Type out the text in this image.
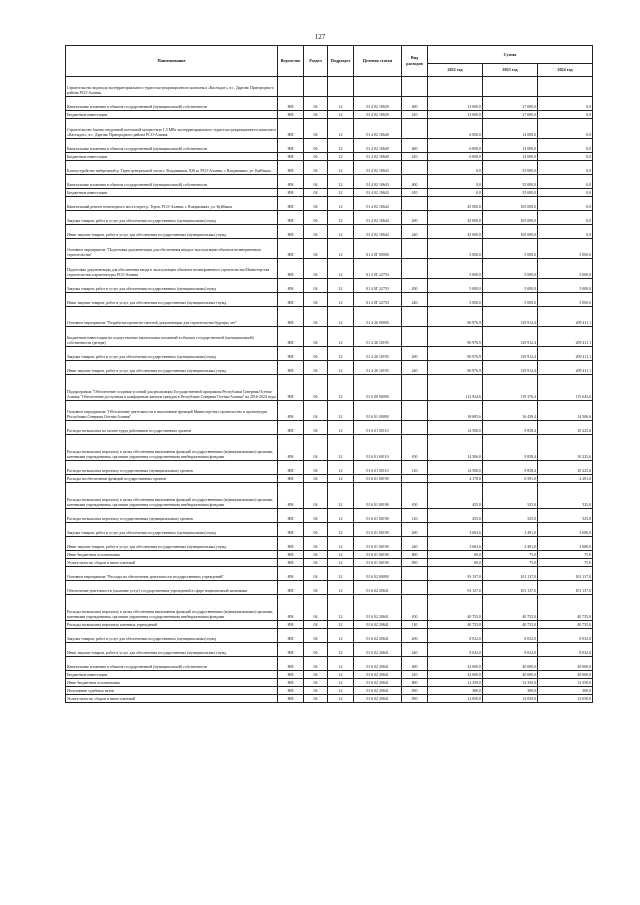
127
Наименование	Ведомство	Раздел	Подраздел	Целевая статья	Вид расходов	Сумма		
						2022 год	2023 год	2024 год
Строительство водовода экстерриториального туристско-рекреационного комплекса «Кастыдат», в с. Даргавс Пригородного района РСО-Алания								
Капитальные вложения в объекты государственной (муниципальной) собственности	808	04	12	01 4 02 10639	400	13 000,0	27 000,0	0,0
Бюджетные инвестиции	808	04	12	01 4 02 10639	410	13 000,0	27 000,0	0,0
Строительство блочно-модульной котельной мощностью 1,5 МВт экстерриториального туристско-рекреационного комплекса «Кастыдат», в с. Даргавс Пригородного района РСО-Алания	808	04	12	01 4 02 10640		6 000,0	14 000,0	0,0
Капитальные вложения в объекты государственной (муниципальной) собственности	808	04	12	01 4 02 10640	400	6 000,0	14 000,0	0,0
Бюджетные инвестиции	808	04	12	01 4 02 10640	410	6 000,0	14 000,0	0,0
Благоустройство набережной р. Терек центральной части г. Владикавказ, 826 м, РСО-Алания, г. Владикавказ, ул. Куйбыша	808	04	12	01 4 02 10643		0,0	55 000,0	0,0
Капитальные вложения в объекты государственной (муниципальной) собственности	808	04	12	01 4 02 10643	400	0,0	55 000,0	0,0
Бюджетные инвестиции	808	04	12	01 4 02 10643	410	0,0	55 000,0	0,0
Капитальный ремонт пешеходного моста через р. Терек, РСО-Алания, г. Владикавказ, ул. Куйбыша	808	04	12	01 4 02 10644		45 000,0	105 000,0	0,0
Закупка товаров, работ и услуг для обеспечения государственных (муниципальных) нужд	808	04	12	01 4 02 10644	200	45 000,0	105 000,0	0,0
Иные закупки товаров, работ и услуг для обеспечения государственных (муниципальных) нужд	808	04	12	01 4 02 10644	240	45 000,0	105 000,0	0,0
Основное мероприятие "Подготовка документации для обеспечения ввода в эксплуатацию объектов незавершенного строительства"	808	04	12	01 4 0Г 00000		5 000,0	5 000,0	5 000,0
Подготовка документации для обеспечения ввода в эксплуатацию объектов незавершенного строительства Министерства строительства и архитектуры РСО-Алания	808	04	12	01 4 0Г 22753		5 000,0	5 000,0	5 000,0
Закупка товаров, работ и услуг для обеспечения государственных (муниципальных) нужд	808	04	12	01 4 0Г 22753	200	5 000,0	5 000,0	5 000,0
Иные закупки товаров, работ и услуг для обеспечения государственных (муниципальных) нужд	808	04	12	01 4 0Г 22753	240	5 000,0	5 000,0	5 000,0
Основное мероприятие "Разработка проектно-сметной документации для строительства будущих лет"	808	04	12	01 4 26 00000		80 976,9	129 912,4	209 411,1
Бюджетные инвестиции на осуществление капитальных вложений в объекты государственной (муниципальной) собственности (резерв)	808	04	12	01 4 26 10195		80 976,9	129 912,4	209 411,1
Закупка товаров, работ и услуг для обеспечения государственных (муниципальных) нужд	808	04	12	01 4 26 10195	200	80 976,9	129 912,4	209 411,1
Иные закупки товаров, работ и услуг для обеспечения государственных (муниципальных) нужд	808	04	12	01 4 26 10195	240	80 976,9	129 912,4	209 411,1
Подпрограмма "Обеспечение создания условий для реализации Государственной программы Республики Северная Осетия-Алания "Обеспечение доступным и комфортным жильем граждан в Республике Северная Осетия-Алания" на 2016-2024 годы	808	04	12	01 6 00 00000		112 924,6	118 376,4	115 643,6
Основное мероприятие "Обеспечение деятельности и выполнение функций Министерства строительства и архитектуры Республики Северная Осетия-Алания"	808	04	12	01 6 01 00000		18 685,6	16 439,4	14 506,6
Расходы на выплаты по оплате труда работников государственных органов	808	04	12	01 6 01 00110		14 506,0	9 858,4	10 225,6
Расходы на выплаты персоналу в целях обеспечения выполнения функций государственными (муниципальными) органами, казенными учреждениями, органами управления государственными внебюджетными фондами	808	04	12	01 6 01 00110	100	14 506,0	9 858,4	10 225,6
Расходы на выплаты персоналу государственных (муниципальных) органов	808	04	12	01 6 01 00110	120	14 506,0	9 858,4	10 225,6
Расходы на обеспечение функций государственных органов	808	04	12	01 6 01 00190		4 178,6	6 581,0	4 281,0
Расходы на выплаты персоналу в целях обеспечения выполнения функций государственными (муниципальными) органами, казенными учреждениями, органами управления государственными внебюджетными фондами	808	04	12	01 6 01 00190	100	455,0	525,0	525,0
Расходы на выплаты персоналу государственных (муниципальных) органов	808	04	12	01 6 01 00190	120	455,0	525,0	525,0
Закупка товаров, работ и услуг для обеспечения государственных (муниципальных) нужд	808	04	12	01 6 01 00190	200	3 663,6	3 481,0	3 680,0
Иные закупки товаров, работ и услуг для обеспечения государственных (муниципальных) нужд	808	04	12	01 6 01 00190	240	3 663,6	3 481,0	3 680,0
Иные бюджетные ассигнования	808	04	12	01 6 01 00190	800	60,0	75,0	75,0
Уплата налогов, сборов и иных платежей	808	04	12	01 6 01 00190	850	60,0	75,0	75,0
Основное мероприятие "Расходы на обеспечение деятельности государственных учреждений"	808	04	12	01 6 02 00000		93 137,0	101 137,0	101 137,0
Обеспечение деятельности (оказание услуг) государственных учреждений в сфере национальной экономики	808	04	12	01 6 02 20641		93 137,0	101 137,0	101 137,0
Расходы на выплаты персоналу в целях обеспечения выполнения функций государственными (муниципальными) органами, казенными учреждениями, органами управления государственными внебюджетными фондами	808	04	12	01 6 02 20641	100	40 755,0	40 755,0	40 755,0
Расходы на выплаты персоналу казенных учреждений	808	04	12	01 6 02 20641	110	40 755,0	40 755,0	40 755,0
Закупка товаров, работ и услуг для обеспечения государственных (муниципальных) нужд	808	04	12	01 6 02 20641	200	8 032,0	8 032,0	8 032,0
Иные закупки товаров, работ и услуг для обеспечения государственных (муниципальных) нужд	808	04	12	01 6 02 20641	240	8 032,0	8 032,0	8 032,0
Капитальные вложения в объекты государственной (муниципальной) собственности	808	04	12	01 6 02 20641	400	32 000,0	40 000,0	40 000,0
Бюджетные инвестиции	808	04	12	01 6 02 20641	410	32 000,0	40 000,0	40 000,0
Иные бюджетные ассигнования	808	04	12	01 6 02 20641	800	12 350,0	12 350,0	12 350,0
Исполнение судебных актов	808	04	12	01 6 02 20641	830	300,0	300,0	300,0
Уплата налогов, сборов и иных платежей	808	04	12	01 6 02 20641	850	12 050,0	12 050,0	12 050,0
